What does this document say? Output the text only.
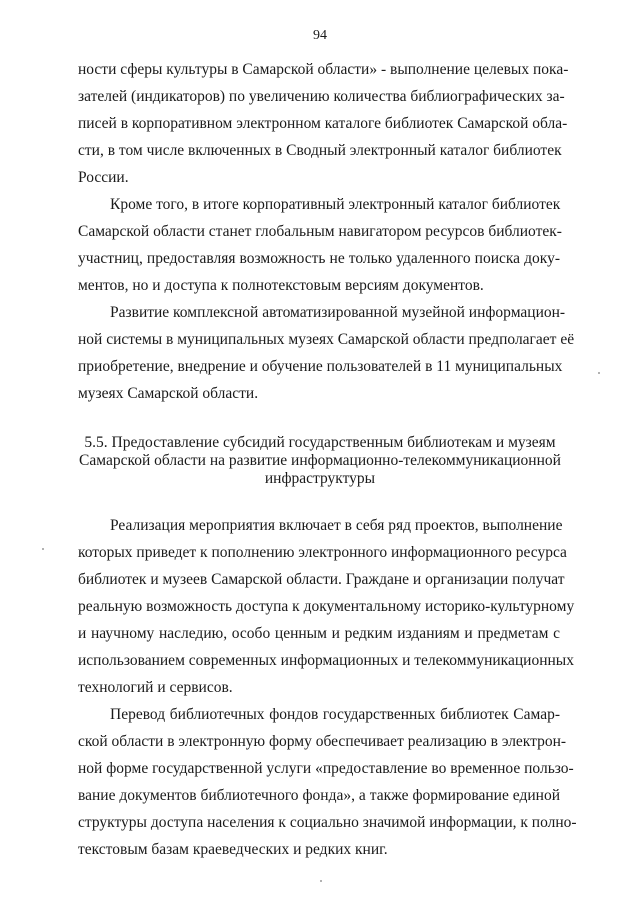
94
ности сферы культуры в Самарской области» - выполнение целевых пока-
зателей (индикаторов) по увеличению количества библиографических за-
писей в корпоративном электронном каталоге библиотек Самарской обла-
сти, в том числе включенных в Сводный электронный каталог библиотек
России.
Кроме того, в итоге корпоративный электронный каталог библиотек
Самарской области станет глобальным навигатором ресурсов библиотек-
участниц, предоставляя возможность не только удаленного поиска доку-
ментов, но и доступа к полнотекстовым версиям документов.
Развитие комплексной автоматизированной музейной информацион-
ной системы в муниципальных музеях Самарской области предполагает её
приобретение, внедрение и обучение пользователей в 11 муниципальных
музеях Самарской области.
5.5. Предоставление субсидий государственным библиотекам и музеям
Самарской области на развитие информационно-телекоммуникационной
инфраструктуры
Реализация мероприятия включает в себя ряд проектов, выполнение
которых приведет к пополнению электронного информационного ресурса
библиотек и музеев Самарской области. Граждане и организации получат
реальную возможность доступа к документальному историко-культурному
и научному наследию, особо ценным и редким изданиям и предметам с
использованием современных информационных и телекоммуникационных
технологий и сервисов.
Перевод библиотечных фондов государственных библиотек Самар-
ской области в электронную форму обеспечивает реализацию в электрон-
ной форме государственной услуги «предоставление во временное пользо-
вание документов библиотечного фонда», а также формирование единой
структуры доступа населения к социально значимой информации, к полно-
текстовым базам краеведческих и редких книг.
